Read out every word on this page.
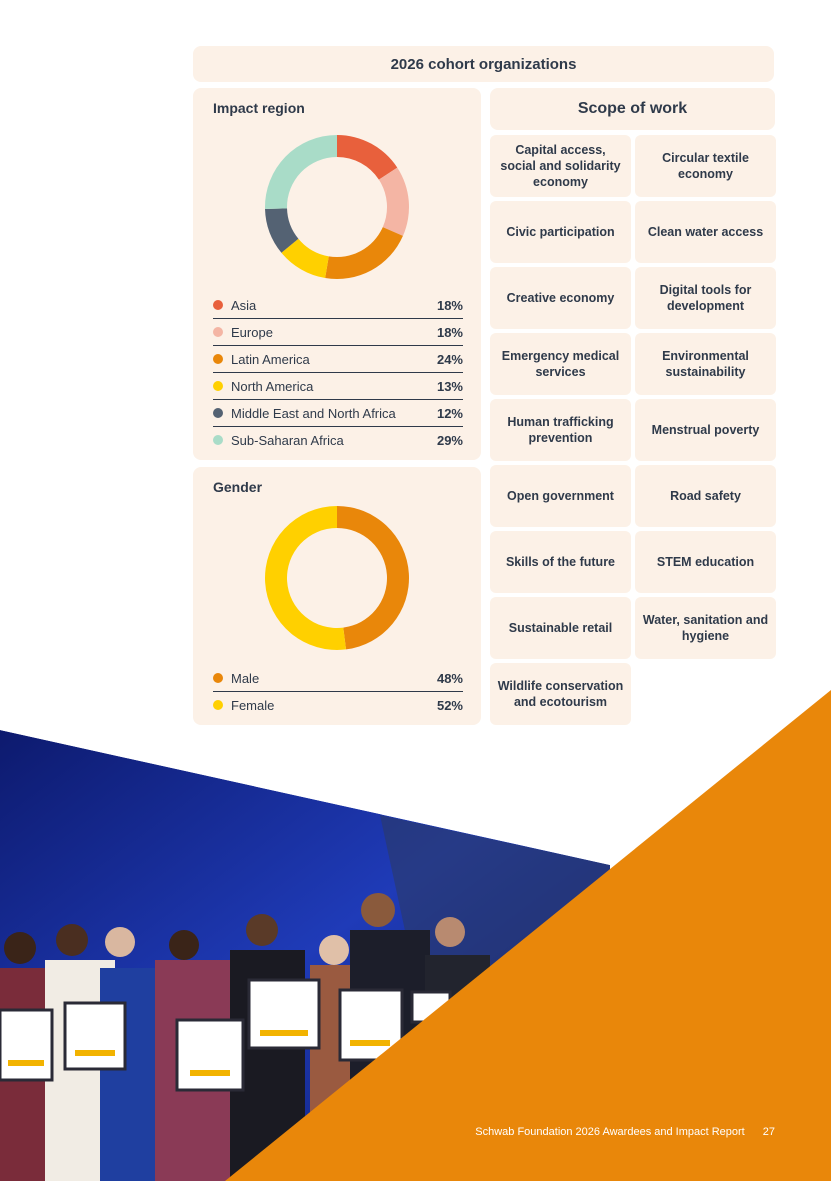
2026 cohort organizations
Impact region
Asia	18%
Europe	18%
Latin America	24%
North America	13%
Middle East and North Africa	12%
Sub-Saharan Africa	29%
Gender
Male	48%
Female	52%
Scope of work
Capital access, social and solidarity economy
Circular textile economy
Civic participation	Clean water access
Creative economy
Digital tools for development
Emergency medical services
Environmental sustainability
Human trafficking prevention
Menstrual poverty
Open government	Road safety
Skills of the future	STEM education
Sustainable retail
Water, sanitation and hygiene
Wildlife conservation and ecotourism
Schwab Foundation 2026 Awardees and Impact Report 27
